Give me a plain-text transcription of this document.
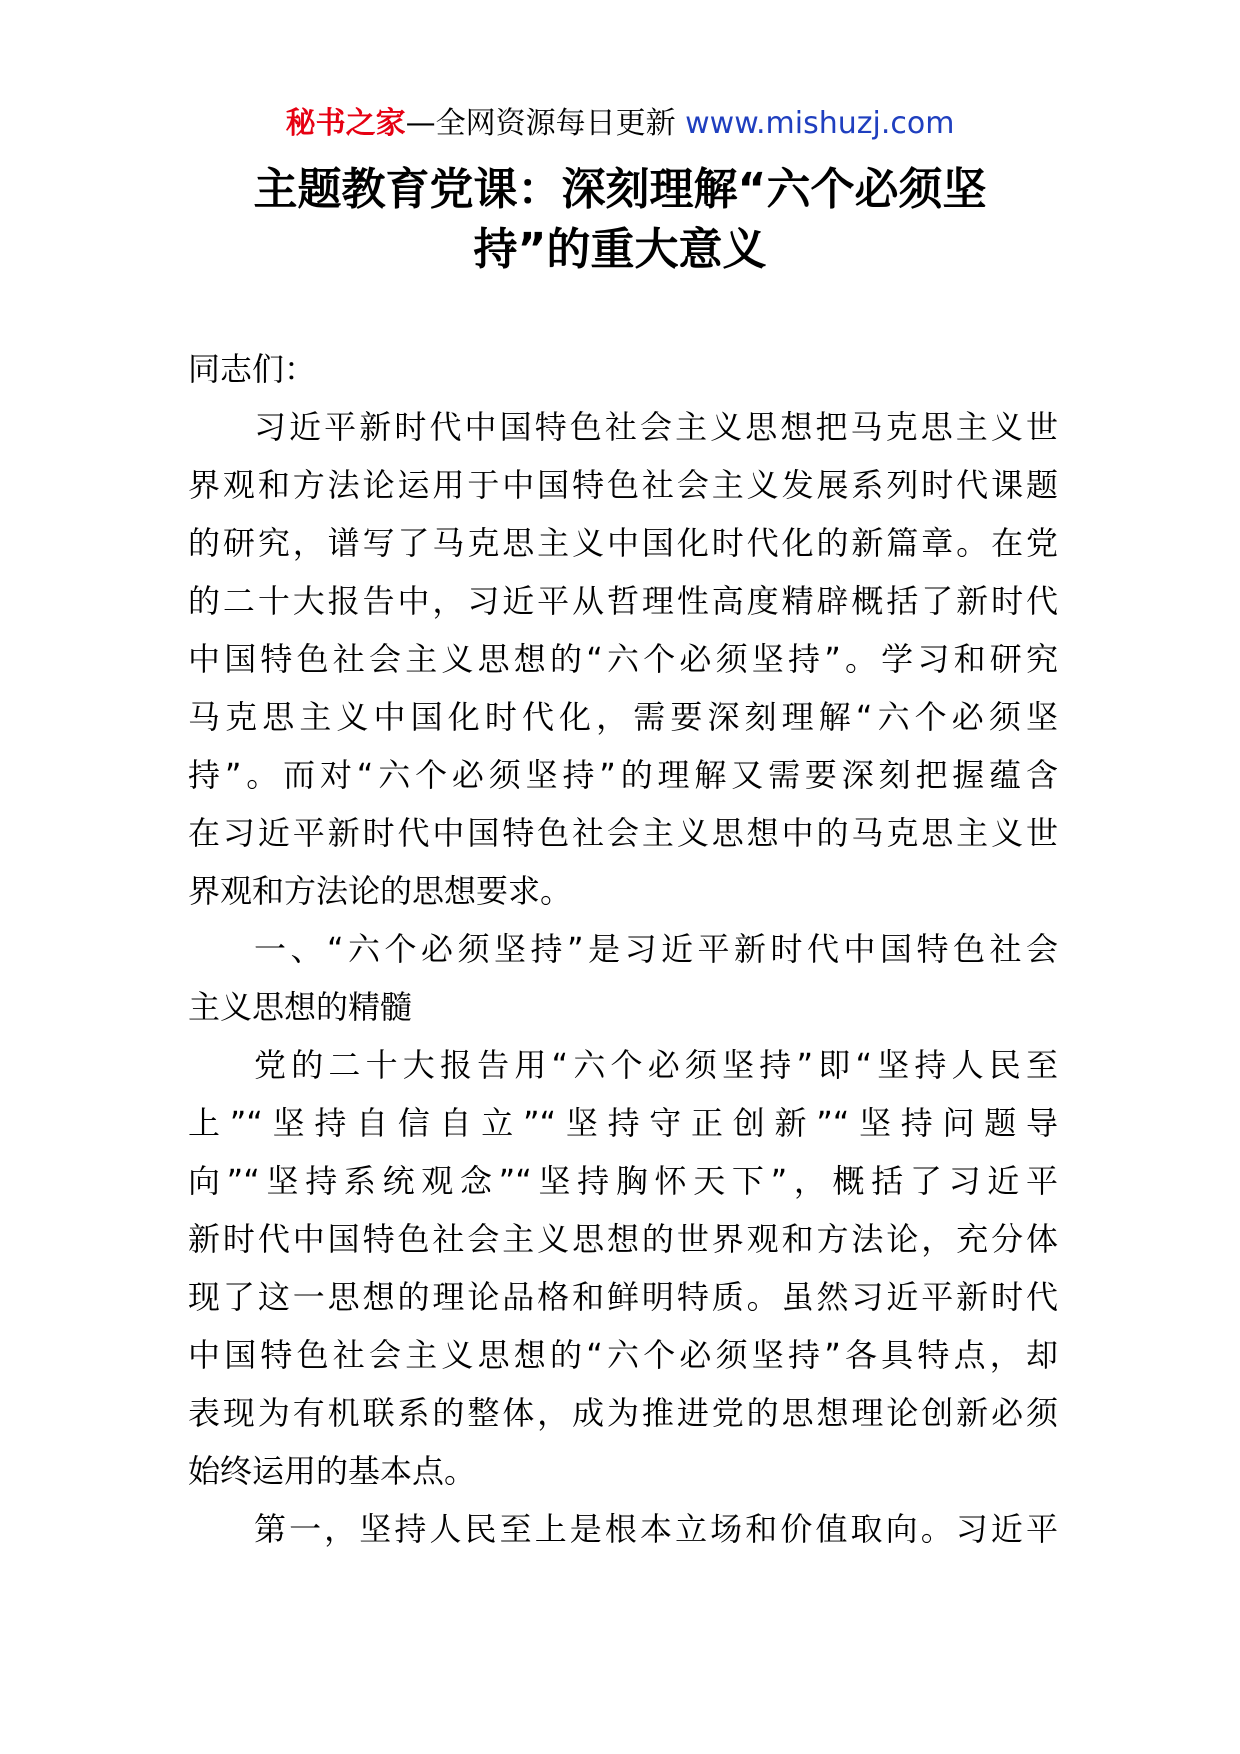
秘书之家—全网资源每日更新 www.mishuzj.com
主题教育党课：深刻理解“六个必须坚
持”的重大意义
同志们：
习近平新时代中国特色社会主义思想把马克思主义世
界观和方法论运用于中国特色社会主义发展系列时代课题
的研究，谱写了马克思主义中国化时代化的新篇章。在党
的二十大报告中，习近平从哲理性高度精辟概括了新时代
中国特色社会主义思想的“六个必须坚持”。学习和研究
马克思主义中国化时代化，需要深刻理解“六个必须坚
持”。而对“六个必须坚持”的理解又需要深刻把握蕴含
在习近平新时代中国特色社会主义思想中的马克思主义世
界观和方法论的思想要求。
一、“六个必须坚持”是习近平新时代中国特色社会
主义思想的精髓
党的二十大报告用“六个必须坚持”即“坚持人民至
上”“坚持自信自立”“坚持守正创新”“坚持问题导
向”“坚持系统观念”“坚持胸怀天下”，概括了习近平
新时代中国特色社会主义思想的世界观和方法论，充分体
现了这一思想的理论品格和鲜明特质。虽然习近平新时代
中国特色社会主义思想的“六个必须坚持”各具特点，却
表现为有机联系的整体，成为推进党的思想理论创新必须
始终运用的基本点。
第一，坚持人民至上是根本立场和价值取向。习近平
